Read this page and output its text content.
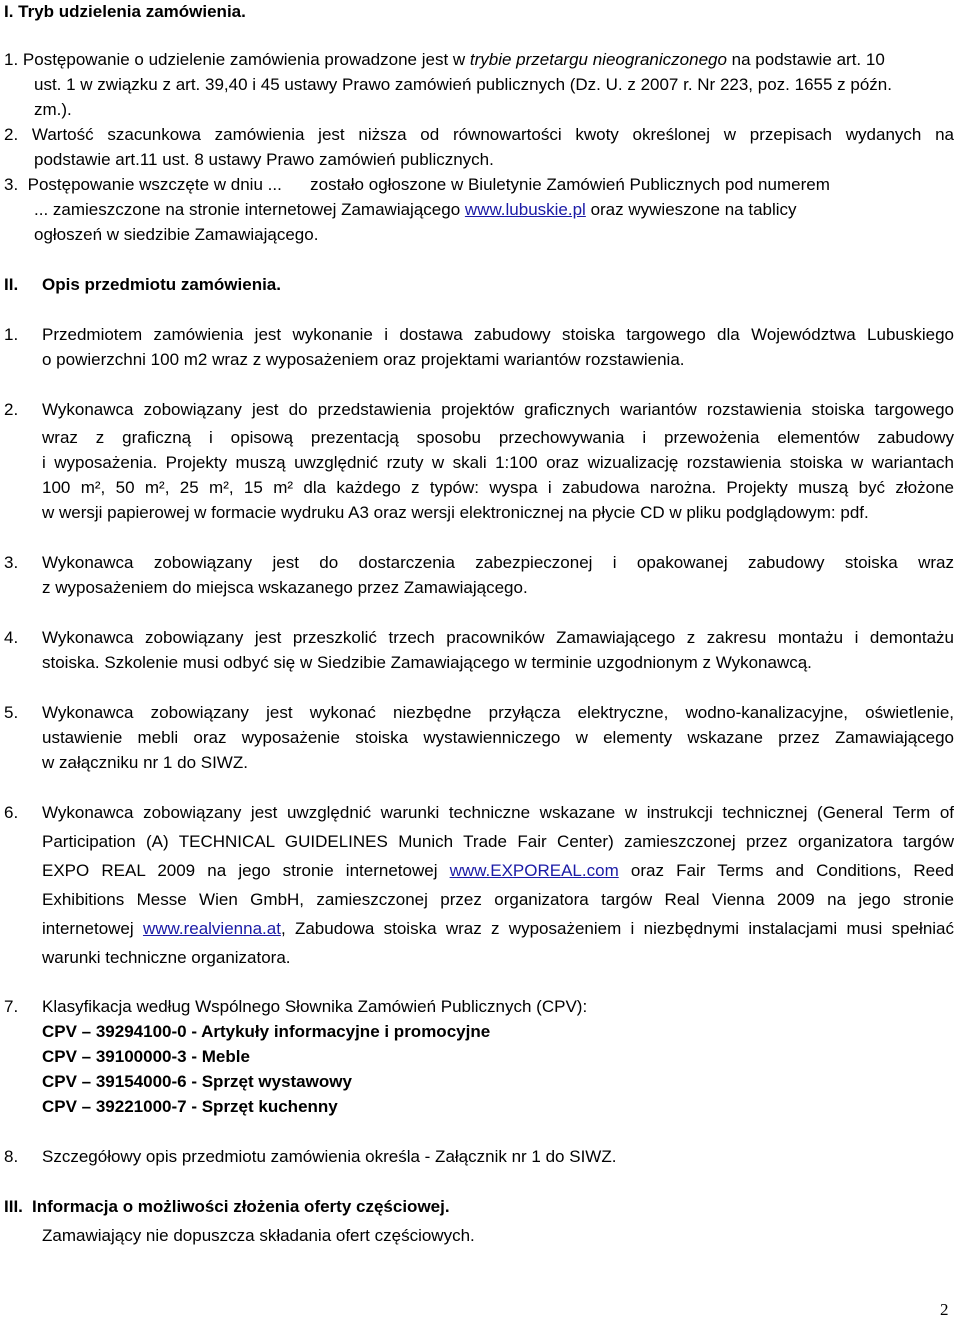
I. Tryb udzielenia zamówienia.
1. Postępowanie o udzielenie zamówienia prowadzone jest w trybie przetargu nieograniczonego na podstawie art. 10
ust. 1 w związku z art. 39,40 i 45 ustawy Prawo zamówień publicznych (Dz. U. z 2007 r. Nr 223, poz. 1655 z późn.
zm.).
2. Wartość szacunkowa zamówienia jest niższa od równowartości kwoty określonej w przepisach wydanych na
podstawie art.11 ust. 8 ustawy Prawo zamówień publicznych.
3.  Postępowanie wszczęte w dniu ...      zostało ogłoszone w Biuletynie Zamówień Publicznych pod numerem
... zamieszczone na stronie internetowej Zamawiającego www.lubuskie.pl oraz wywieszone na tablicy
ogłoszeń w siedzibie Zamawiającego.
II. Opis przedmiotu zamówienia.
1. Przedmiotem zamówienia jest wykonanie i dostawa zabudowy stoiska targowego dla Województwa Lubuskiego
o powierzchni 100 m2 wraz z wyposażeniem oraz projektami wariantów rozstawienia.
2. Wykonawca zobowiązany jest do przedstawienia projektów graficznych wariantów rozstawienia stoiska targowego
wraz z graficzną i opisową prezentacją sposobu przechowywania i przewożenia elementów zabudowy
i wyposażenia. Projekty muszą uwzględnić rzuty w skali 1:100 oraz wizualizację rozstawienia stoiska w wariantach
100 m², 50 m², 25 m², 15 m² dla każdego z typów: wyspa i zabudowa narożna. Projekty muszą być złożone
w wersji papierowej w formacie wydruku A3 oraz wersji elektronicznej na płycie CD w pliku podglądowym: pdf.
3. Wykonawca zobowiązany jest do dostarczenia zabezpieczonej i opakowanej zabudowy stoiska wraz
z wyposażeniem do miejsca wskazanego przez Zamawiającego.
4. Wykonawca zobowiązany jest przeszkolić trzech pracowników Zamawiającego z zakresu montażu i demontażu
stoiska. Szkolenie musi odbyć się w Siedzibie Zamawiającego w terminie uzgodnionym z Wykonawcą.
5. Wykonawca zobowiązany jest wykonać niezbędne przyłącza elektryczne, wodno-kanalizacyjne, oświetlenie,
ustawienie mebli oraz wyposażenie stoiska wystawienniczego w elementy wskazane przez Zamawiającego
w załączniku nr 1 do SIWZ.
6. Wykonawca zobowiązany jest uwzględnić warunki techniczne wskazane w instrukcji technicznej (General Term of
Participation (A) TECHNICAL GUIDELINES Munich Trade Fair Center) zamieszczonej przez organizatora targów
EXPO REAL 2009 na jego stronie internetowej www.EXPOREAL.com oraz Fair Terms and Conditions, Reed
Exhibitions Messe Wien GmbH, zamieszczonej przez organizatora targów Real Vienna 2009 na jego stronie
internetowej www.realvienna.at, Zabudowa stoiska wraz z wyposażeniem i niezbędnymi instalacjami musi spełniać
warunki techniczne organizatora.
7. Klasyfikacja według Wspólnego Słownika Zamówień Publicznych (CPV):
CPV – 39294100-0 - Artykuły informacyjne i promocyjne
CPV – 39100000-3 - Meble
CPV – 39154000-6 - Sprzęt wystawowy
CPV – 39221000-7 - Sprzęt kuchenny
8. Szczegółowy opis przedmiotu zamówienia określa - Załącznik nr 1 do SIWZ.
III. Informacja o możliwości złożenia oferty częściowej.
Zamawiający nie dopuszcza składania ofert częściowych.
2
